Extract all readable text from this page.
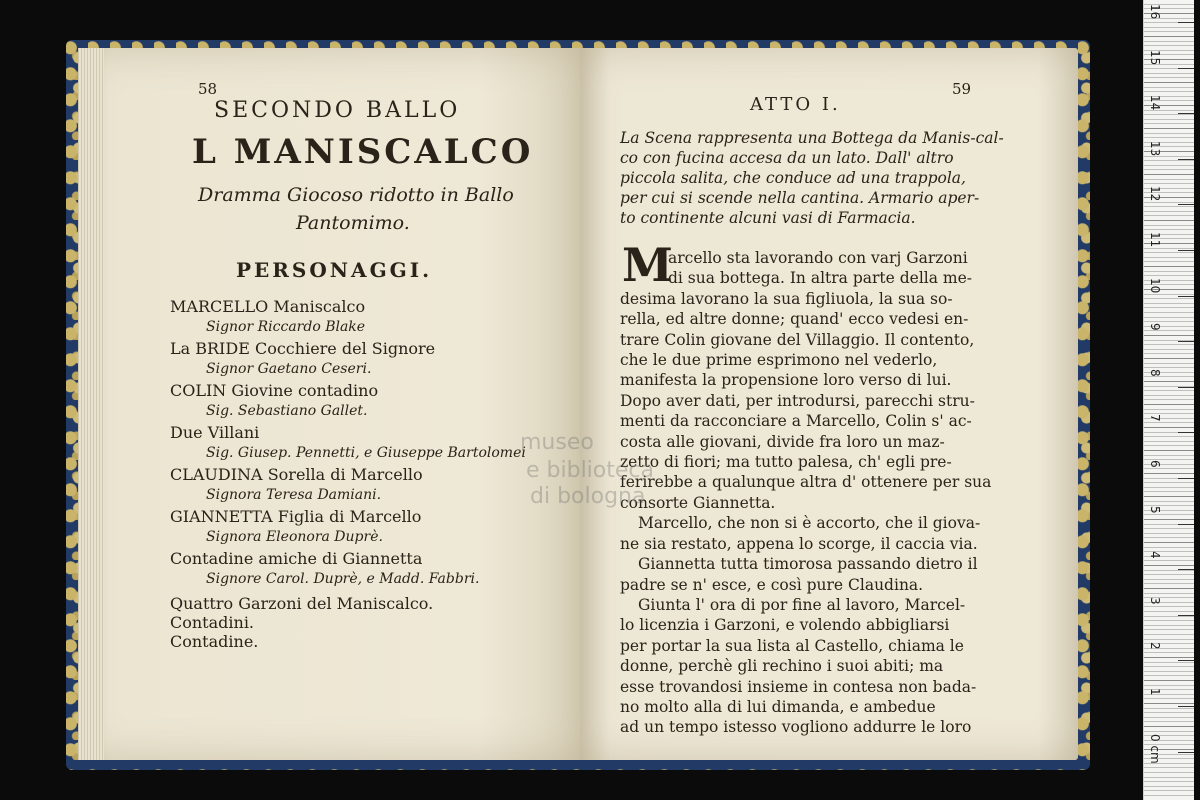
58
SECONDO BALLO
L MANISCALCO
Dramma Giocoso ridotto in Ballo
Pantomimo.
PERSONAGGI.
MARCELLO Maniscalco
Signor Riccardo Blake
La BRIDE Cocchiere del Signore
Signor Gaetano Ceseri.
COLIN Giovine contadino
Sig. Sebastiano Gallet.
Due Villani
Sig. Giusep. Pennetti, e Giuseppe Bartolomei
CLAUDINA Sorella di Marcello
Signora Teresa Damiani.
GIANNETTA Figlia di Marcello
Signora Eleonora Duprè.
Contadine amiche di Giannetta
Signore Carol. Duprè, e Madd. Fabbri.
Quattro Garzoni del Maniscalco.
Contadini.
Contadine.
ATTO I.
59
La Scena rappresenta una Bottega da Manis-cal-
co con fucina accesa da un lato. Dall' altro
piccola salita, che conduce ad una trappola,
per cui si scende nella cantina. Armario aper-
to continente alcuni vasi di Farmacia.
M
arcello sta lavorando con varj Garzoni
di sua bottega. In altra parte della me-
desima lavorano la sua figliuola, la sua so-
rella, ed altre donne; quand' ecco vedesi en-
trare Colin giovane del Villaggio. Il contento,
che le due prime esprimono nel vederlo,
manifesta la propensione loro verso di lui.
Dopo aver dati, per introdursi, parecchi stru-
menti da racconciare a Marcello, Colin s' ac-
costa alle giovani, divide fra loro un maz-
zetto di fiori; ma tutto palesa, ch' egli pre-
ferirebbe a qualunque altra d' ottenere per sua
consorte Giannetta.
Marcello, che non si è accorto, che il giova-
ne sia restato, appena lo scorge, il caccia via.
Giannetta tutta timorosa passando dietro il
padre se n' esce, e così pure Claudina.
Giunta l' ora di por fine al lavoro, Marcel-
lo licenzia i Garzoni, e volendo abbigliarsi
per portar la sua lista al Castello, chiama le
donne, perchè gli rechino i suoi abiti; ma
esse trovandosi insieme in contesa non bada-
no molto alla di lui dimanda, e ambedue
ad un tempo istesso vogliono addurre le loro
museo
e biblioteca
di bologna
16
15
14
13
12
11
10
9
8
7
6
5
4
3
2
1
0 cm
